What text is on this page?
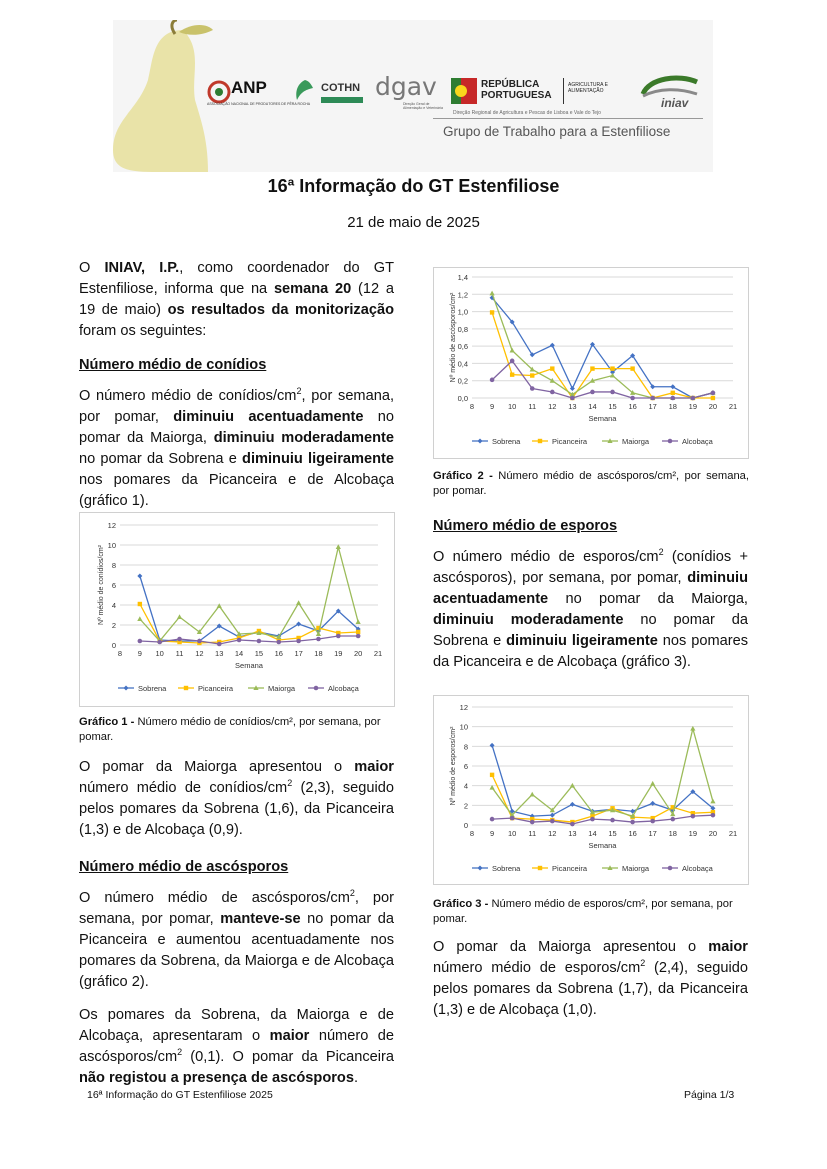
ANP
ASSOCIAÇÃO NACIONAL DE PRODUTORES DE PÊRA ROCHA
COTHN dgav
Direção Geral de Alimentação e Veterinária
REPÚBLICA PORTUGUESA
AGRICULTURA E ALIMENTAÇÃO
Direção Regional de Agricultura e Pescas de Lisboa e Vale do Tejo
iniav
Grupo de Trabalho para a Estenfiliose
16ª Informação do GT Estenfiliose
21 de maio de 2025

O INIAV, I.P., como coordenador do GT Estenfiliose, informa que na semana 20 (12 a 19 de maio) os resultados da monitorização foram os seguintes:

Número médio de conídios

O número médio de conídios/$cm^2$, por semana, por pomar, diminuiu acentuadamente no pomar da Maiorga, diminuiu moderadamente no pomar da Sobrena e diminuiu ligeiramente nos pomares da Picanceira e de Alcobaça (gráfico 1).

0
2
4
6
8
10
12
8 9 10 11 12 13 14 15 16 17 18 19 20 21
Semana
Nº médio de conídios/cm²
Sobrena	Picanceira	Maiorga	Alcobaça
Gráfico 1 - Número médio de conídios/cm², por semana, por pomar.

O pomar da Maiorga apresentou o maior número médio de conídios/$cm^2$ (2,3), seguido pelos pomares da Sobrena (1,6), da Picanceira (1,3) e de Alcobaça (0,9).

Número médio de ascósporos

O número médio de ascósporos/$cm^2$, por semana, por pomar, manteve-se no pomar da Picanceira e aumentou acentuadamente nos pomares da Sobrena, da Maiorga e de Alcobaça (gráfico 2).

Os pomares da Sobrena, da Maiorga e de Alcobaça, apresentaram o maior número de ascósporos/$cm^2$ (0,1). O pomar da Picanceira não registou a presença de ascósporos.

0,0
0,2
0,4
0,6
0,8
1,0
1,2
1,4
8 9 10 11 12 13 14 15 16 17 18 19 20 21
Semana
Nº médio de ascósporos/cm²
Sobrena	Picanceira	Maiorga	Alcobaça
Gráfico 2 - Número médio de ascósporos/cm², por semana, por pomar.
Número médio de esporos

O número médio de esporos/$cm^2$ (conídios + ascósporos), por semana, por pomar, diminuiu acentuadamente no pomar da Maiorga, diminuiu moderadamente no pomar da Sobrena e diminuiu ligeiramente nos pomares da Picanceira e de Alcobaça (gráfico 3).

0
2
4
6
8
10
12
8 9 10 11 12 13 14 15 16 17 18 19 20 21
Semana
Nº médio de esporos/cm²
Sobrena	Picanceira	Maiorga	Alcobaça
Gráfico 3 - Número médio de esporos/cm², por semana, por pomar.

O pomar da Maiorga apresentou o maior número médio de esporos/$cm^2$ (2,4), seguido pelos pomares da Sobrena (1,7), da Picanceira (1,3) e de Alcobaça (1,0).

16ª Informação do GT Estenfiliose 2025	Página 1/3
